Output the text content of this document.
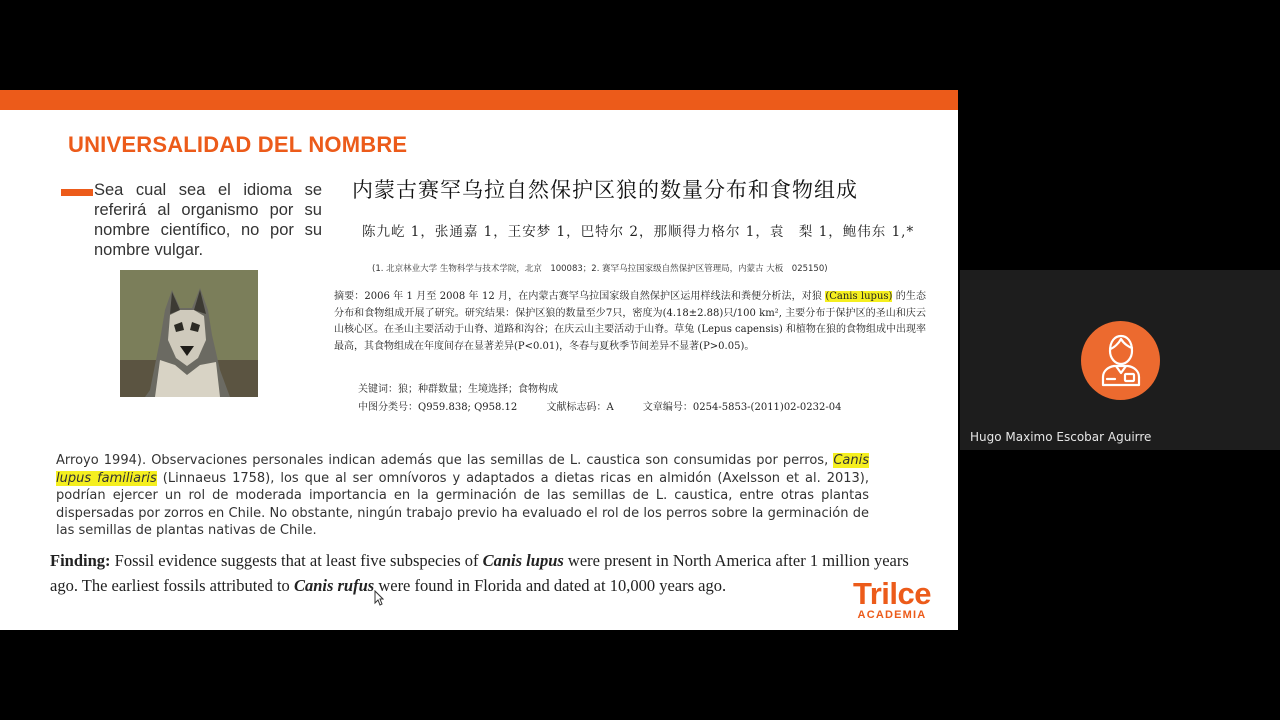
UNIVERSALIDAD DEL NOMBRE
Sea cual sea el idioma se referirá al organismo por su nombre científico, no por su nombre vulgar.
内蒙古赛罕乌拉自然保护区狼的数量分布和食物组成
陈九屹 1，张通嘉 1，王安梦 1，巴特尔 2，那顺得力格尔 1，袁　梨 1，鲍伟东 1,*
(1. 北京林业大学 生物科学与技术学院，北京　100083；2. 赛罕乌拉国家级自然保护区管理局，内蒙古 大板　025150)
摘要：2006 年 1 月至 2008 年 12 月，在内蒙古赛罕乌拉国家级自然保护区运用样线法和粪便分析法，对狼 (Canis lupus) 的生态分布和食物组成开展了研究。研究结果：保护区狼的数量至少7只，密度为(4.18±2.88)只/100 km², 主要分布于保护区的圣山和庆云山核心区。在圣山主要活动于山脊、道路和沟谷；在庆云山主要活动于山脊。草兔 (Lepus capensis) 和植物在狼的食物组成中出现率最高，其食物组成在年度间存在显著差异(P<0.01)，冬春与夏秋季节间差异不显著(P>0.05)。
关键词：狼；种群数量；生境选择；食物构成
中图分类号：Q959.838; Q958.12	文献标志码：A	文章编号：0254-5853-(2011)02-0232-04
Arroyo 1994). Observaciones personales indican además que las semillas de L. caustica son consumidas por perros, Canis lupus familiaris (Linnaeus 1758), los que al ser omnívoros y adaptados a dietas ricas en almidón (Axelsson et al. 2013), podrían ejercer un rol de moderada importancia en la germinación de las semillas de L. caustica, entre otras plantas dispersadas por zorros en Chile. No obstante, ningún trabajo previo ha evaluado el rol de los perros sobre la germinación de las semillas de plantas nativas de Chile.
Finding: Fossil evidence suggests that at least five subspecies of Canis lupus were present in North America after 1 million years ago. The earliest fossils attributed to Canis rufus were found in Florida and dated at 10,000 years ago.	Trilce
ACADEMIA
Hugo Maximo Escobar Aguirre
